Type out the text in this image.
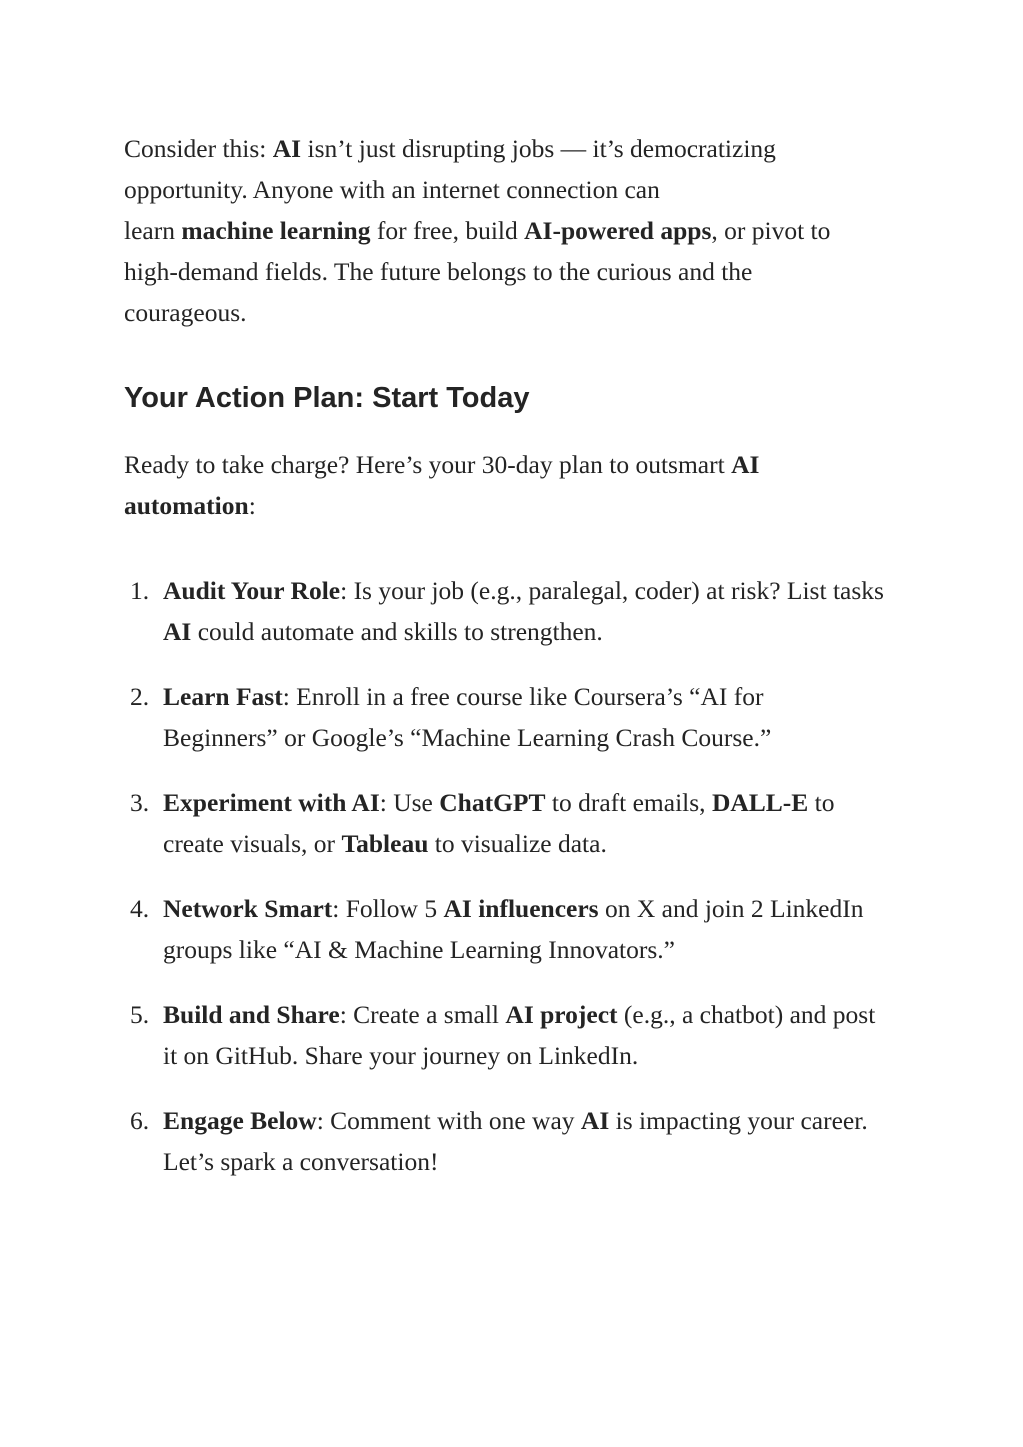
Consider this: AI isn’t just disrupting jobs — it’s democratizing opportunity. Anyone with an internet connection can
learn machine learning for free, build AI-powered apps, or pivot to high-demand fields. The future belongs to the curious and the courageous.

Your Action Plan: Start Today

Ready to take charge? Here’s your 30-day plan to outsmart AI automation:

1. Audit Your Role: Is your job (e.g., paralegal, coder) at risk? List tasks AI could automate and skills to strengthen.
2. Learn Fast: Enroll in a free course like Coursera’s “AI for Beginners” or Google’s “Machine Learning Crash Course.”
3. Experiment with AI: Use ChatGPT to draft emails, DALL-E to create visuals, or Tableau to visualize data.
4. Network Smart: Follow 5 AI influencers on X and join 2 LinkedIn groups like “AI & Machine Learning Innovators.”
5. Build and Share: Create a small AI project (e.g., a chatbot) and post it on GitHub. Share your journey on LinkedIn.
6. Engage Below: Comment with one way AI is impacting your career. Let’s spark a conversation!
